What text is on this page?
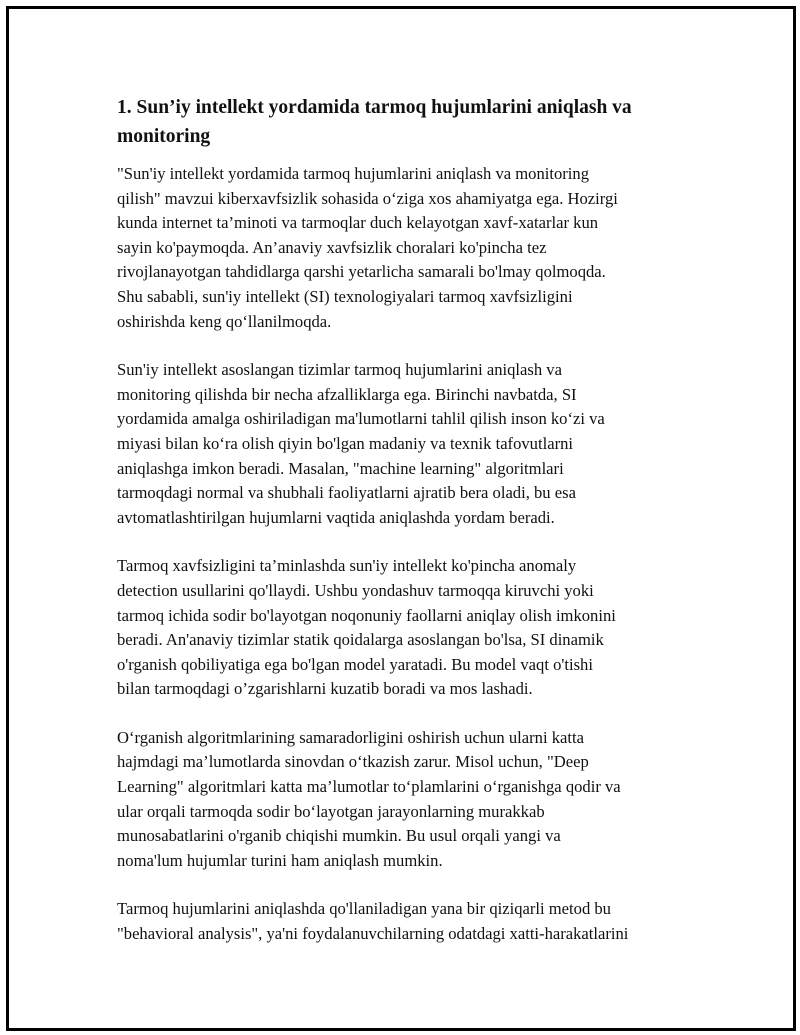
1. Sun’iy intellekt yordamida tarmoq hujumlarini aniqlash va
monitoring

"Sun'iy intellekt yordamida tarmoq hujumlarini aniqlash va monitoring
qilish" mavzui kiberxavfsizlik sohasida o‘ziga xos ahamiyatga ega. Hozirgi
kunda internet ta’minoti va tarmoqlar duch kelayotgan xavf-xatarlar kun
sayin ko'paymoqda. An’anaviy xavfsizlik choralari ko'pincha tez
rivojlanayotgan tahdidlarga qarshi yetarlicha samarali bo'lmay qolmoqda.
Shu sababli, sun'iy intellekt (SI) texnologiyalari tarmoq xavfsizligini
oshirishda keng qo‘llanilmoqda.

Sun'iy intellekt asoslangan tizimlar tarmoq hujumlarini aniqlash va
monitoring qilishda bir necha afzalliklarga ega. Birinchi navbatda, SI
yordamida amalga oshiriladigan ma'lumotlarni tahlil qilish inson ko‘zi va
miyasi bilan ko‘ra olish qiyin bo'lgan madaniy va texnik tafovutlarni
aniqlashga imkon beradi. Masalan, "machine learning" algoritmlari
tarmoqdagi normal va shubhali faoliyatlarni ajratib bera oladi, bu esa
avtomatlashtirilgan hujumlarni vaqtida aniqlashda yordam beradi.

Tarmoq xavfsizligini ta’minlashda sun'iy intellekt ko'pincha anomaly
detection usullarini qo'llaydi. Ushbu yondashuv tarmoqqa kiruvchi yoki
tarmoq ichida sodir bo'layotgan noqonuniy faollarni aniqlay olish imkonini
beradi. An'anaviy tizimlar statik qoidalarga asoslangan bo'lsa, SI dinamik
o'rganish qobiliyatiga ega bo'lgan model yaratadi. Bu model vaqt o'tishi
bilan tarmoqdagi o’zgarishlarni kuzatib boradi va mos lashadi.

O‘rganish algoritmlarining samaradorligini oshirish uchun ularni katta
hajmdagi ma’lumotlarda sinovdan o‘tkazish zarur. Misol uchun, "Deep
Learning" algoritmlari katta ma’lumotlar to‘plamlarini o‘rganishga qodir va
ular orqali tarmoqda sodir bo‘layotgan jarayonlarning murakkab
munosabatlarini o'rganib chiqishi mumkin. Bu usul orqali yangi va
noma'lum hujumlar turini ham aniqlash mumkin.

Tarmoq hujumlarini aniqlashda qo'llaniladigan yana bir qiziqarli metod bu
"behavioral analysis", ya'ni foydalanuvchilarning odatdagi xatti-harakatlarini
